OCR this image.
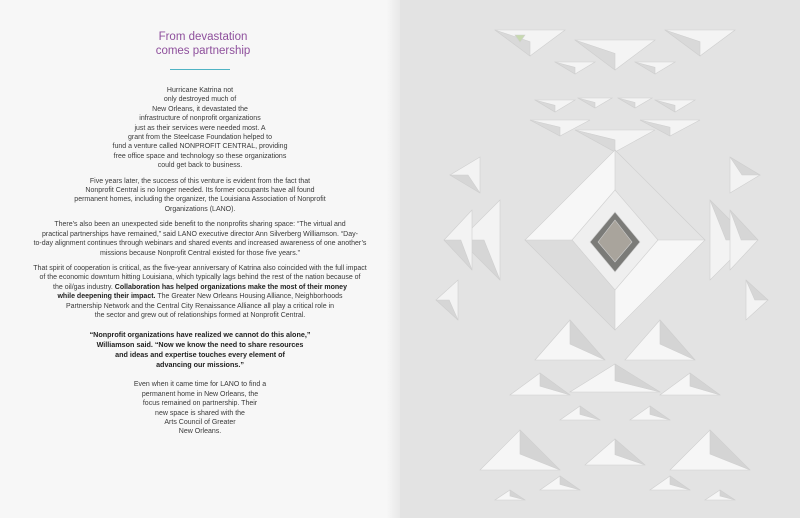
From devastation
comes partnership
Hurricane Katrina not
only destroyed much of
New Orleans, it devastated the
infrastructure of nonprofit organizations
just as their services were needed most. A
grant from the Steelcase Foundation helped to
fund a venture called NONPROFIT CENTRAL, providing
free office space and technology so these organizations
could get back to business.
Five years later, the success of this venture is evident from the fact that
Nonprofit Central is no longer needed. Its former occupants have all found
permanent homes, including the organizer, the Louisiana Association of Nonprofit
Organizations (LANO).
There’s also been an unexpected side benefit to the nonprofits sharing space: “The virtual and
practical partnerships have remained,” said LANO executive director Ann Silverberg Williamson. “Day-
to-day alignment continues through webinars and shared events and increased awareness of one another’s
missions because Nonprofit Central existed for those five years.”
That spirit of cooperation is critical, as the five-year anniversary of Katrina also coincided with the full impact
of the economic downturn hitting Louisiana, which typically lags behind the rest of the nation because of
the oil/gas industry. Collaboration has helped organizations make the most of their money
while deepening their impact. The Greater New Orleans Housing Alliance, Neighborhoods
Partnership Network and the Central City Renaissance Alliance all play a critical role in
the sector and grew out of relationships formed at Nonprofit Central.
“Nonprofit organizations have realized we cannot do this alone,”
Williamson said. “Now we know the need to share resources
and ideas and expertise touches every element of
advancing our missions.”
Even when it came time for LANO to find a
permanent home in New Orleans, the
focus remained on partnership. Their
new space is shared with the
Arts Council of Greater
New Orleans.
